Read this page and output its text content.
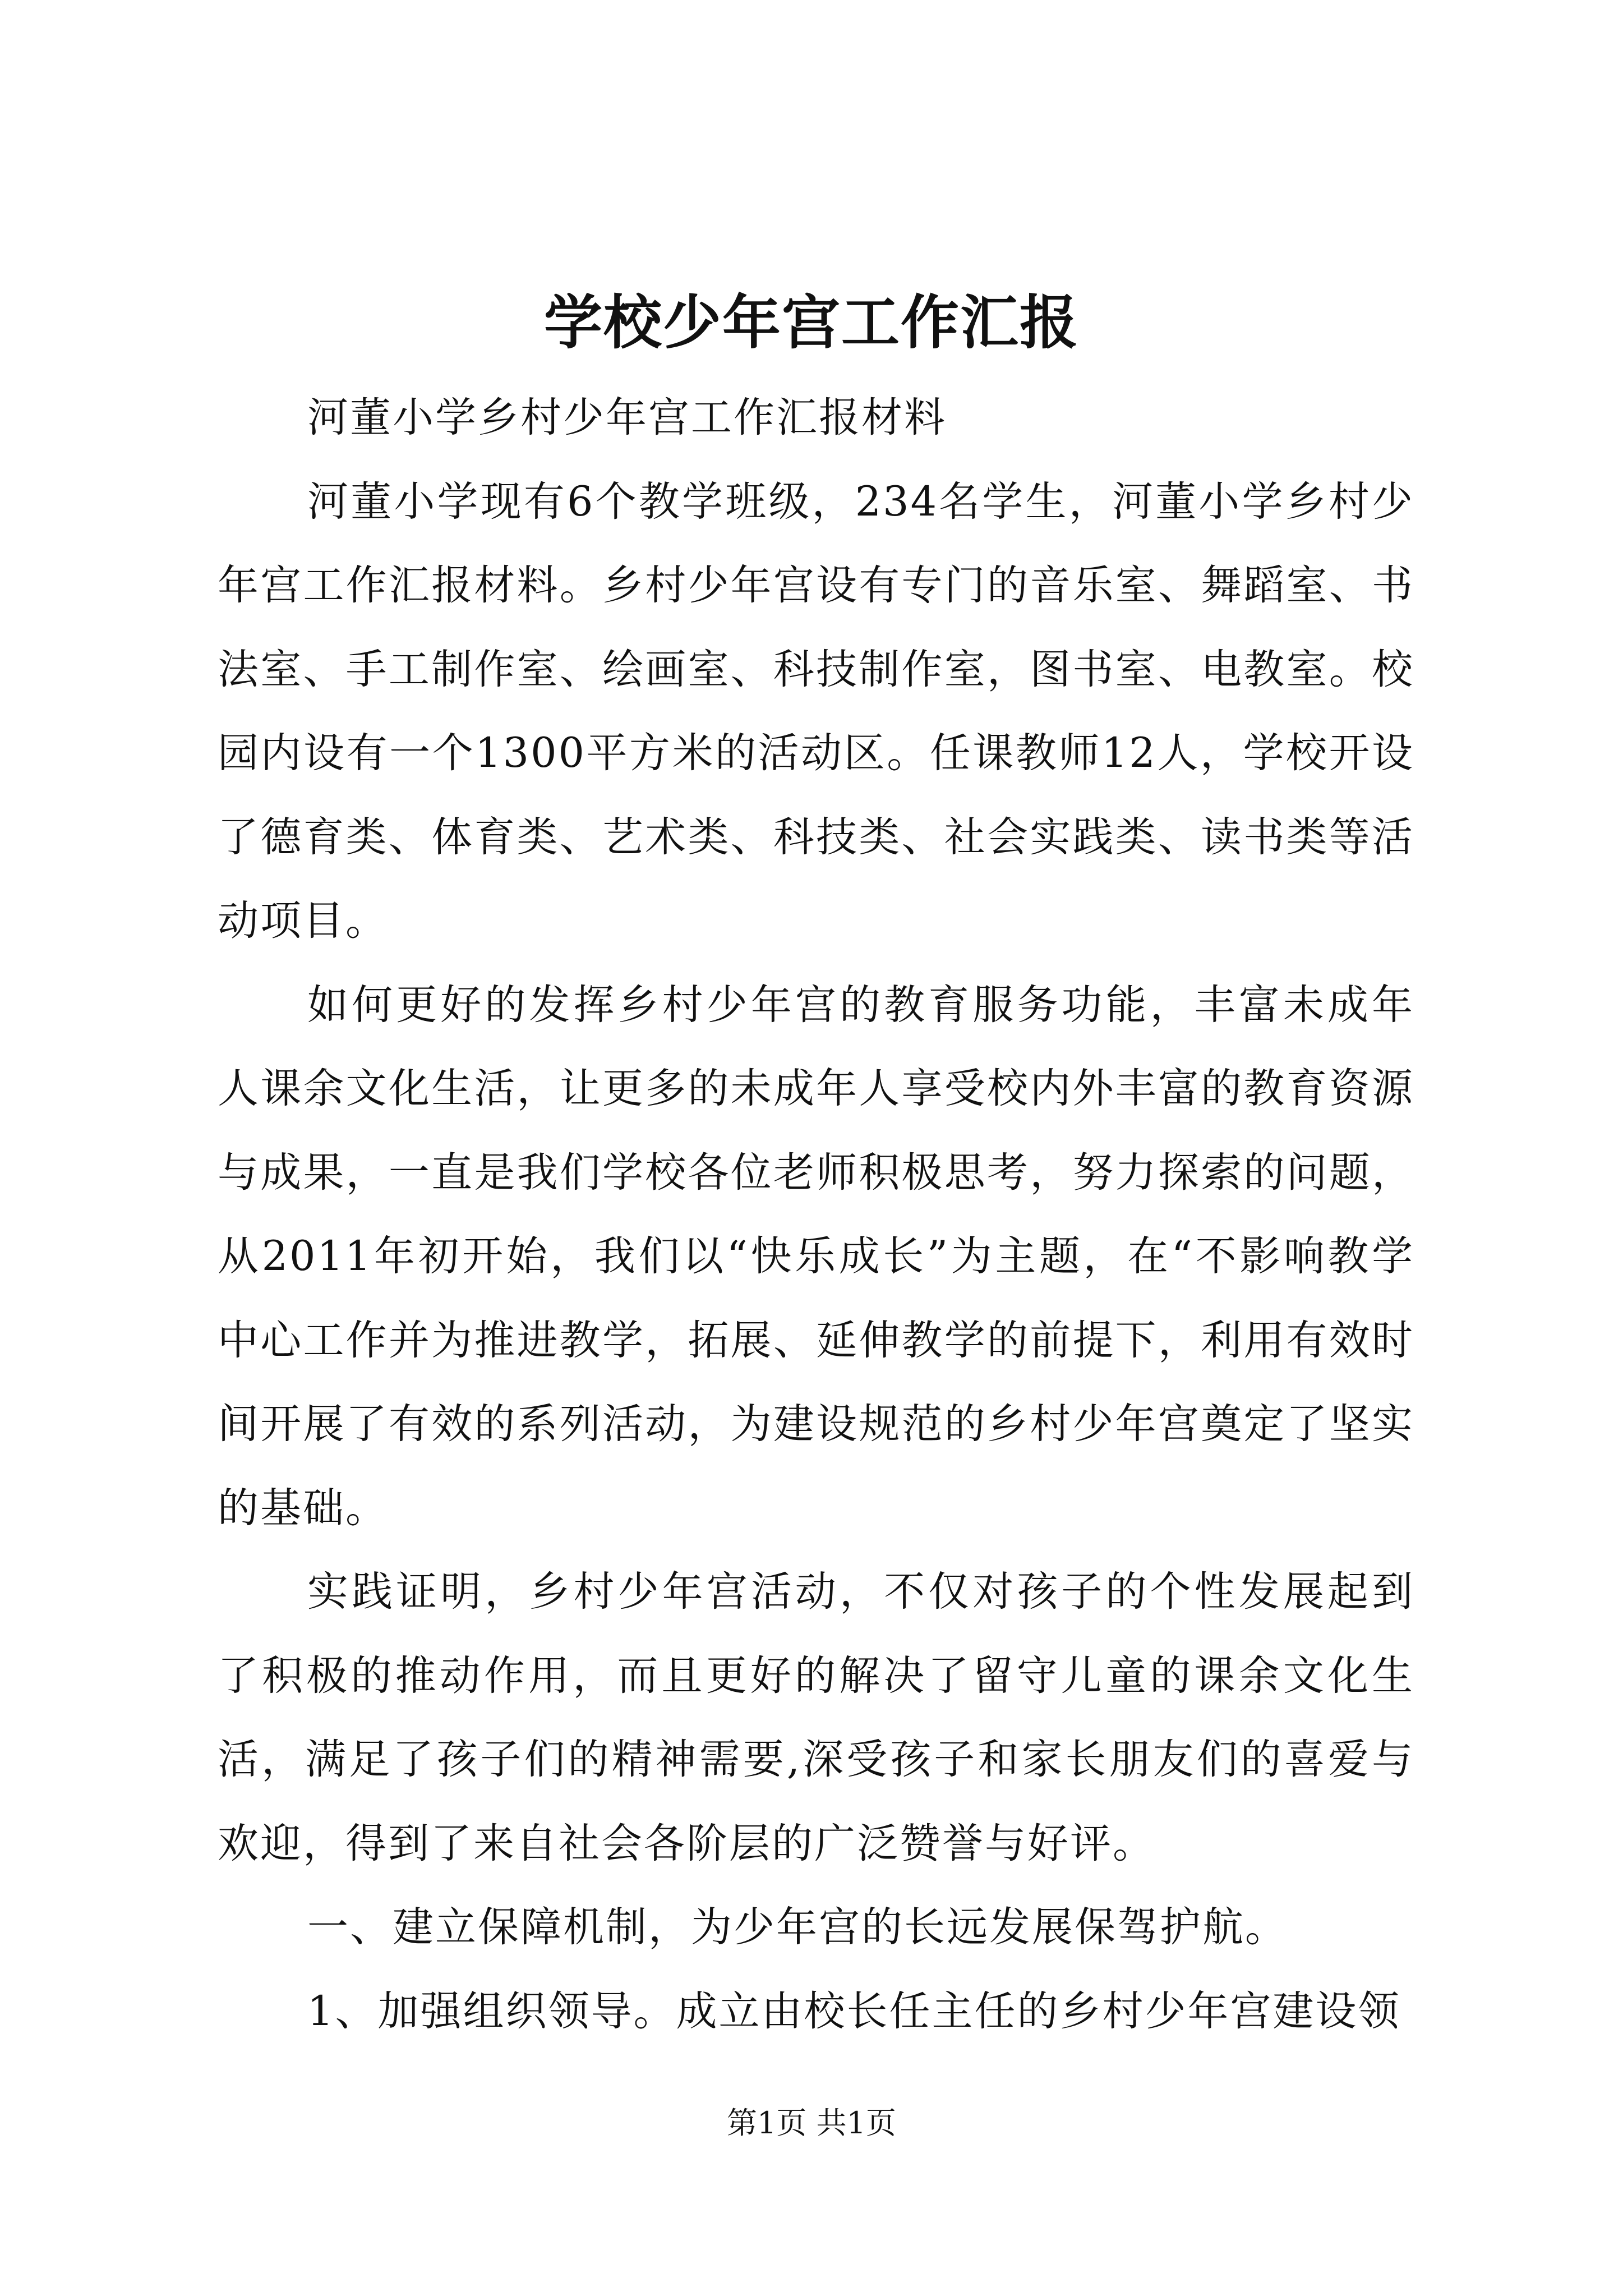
学校少年宫工作汇报

河董小学乡村少年宫工作汇报材料

河董小学现有6个教学班级，234名学生，河董小学乡村少年宫工作汇报材料。乡村少年宫设有专门的音乐室、舞蹈室、书法室、手工制作室、绘画室、科技制作室，图书室、电教室。校园内设有一个1300平方米的活动区。任课教师12人，学校开设了德育类、体育类、艺术类、科技类、社会实践类、读书类等活动项目。

如何更好的发挥乡村少年宫的教育服务功能，丰富未成年人课余文化生活，让更多的未成年人享受校内外丰富的教育资源与成果，一直是我们学校各位老师积极思考，努力探索的问题，从2011年初开始，我们以“快乐成长”为主题，在“不影响教学中心工作并为推进教学，拓展、延伸教学的前提下，利用有效时间开展了有效的系列活动，为建设规范的乡村少年宫奠定了坚实的基础。

实践证明，乡村少年宫活动，不仅对孩子的个性发展起到了积极的推动作用，而且更好的解决了留守儿童的课余文化生活，满足了孩子们的精神需要,深受孩子和家长朋友们的喜爱与欢迎，得到了来自社会各阶层的广泛赞誉与好评。

一、建立保障机制，为少年宫的长远发展保驾护航。

1、加强组织领导。成立由校长任主任的乡村少年宫建设领

第1页 共1页
